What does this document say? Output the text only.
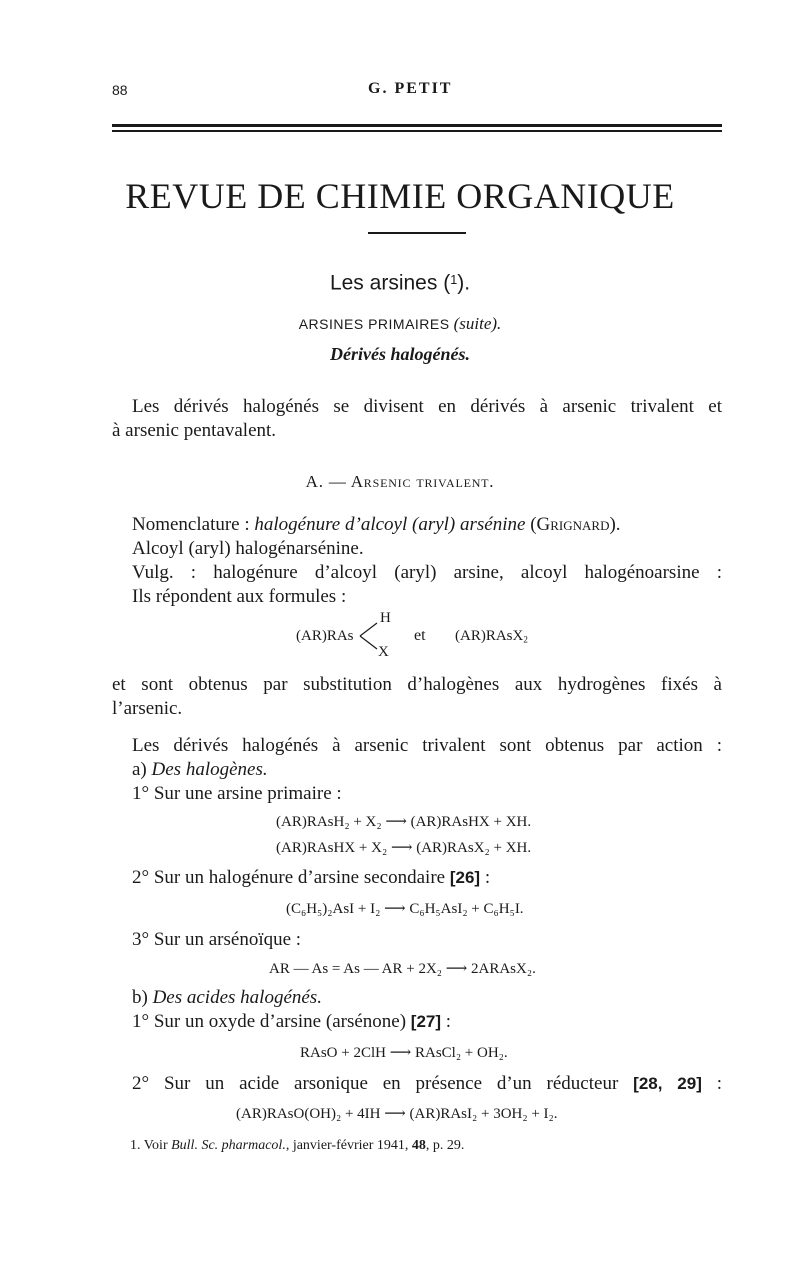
88	G. PETIT
REVUE DE CHIMIE ORGANIQUE
Les arsines ($^1$).
ARSINES PRIMAIRES (suite).
Dérivés halogénés.
Les dérivés halogénés se divisent en dérivés à arsenic trivalent et
à arsenic pentavalent.
A. — Arsenic trivalent.
Nomenclature : halogénure d’alcoyl (aryl) arsénine (Grignard).
Alcoyl (aryl) halogénarsénine.
Vulg. : halogénure d’alcoyl (aryl) arsine, alcoyl halogénoarsine :
Ils répondent aux formules :
(AR)RAs
H
X
et (AR)RAsX$_2$
et sont obtenus par substitution d’halogènes aux hydrogènes fixés à
l’arsenic.
Les dérivés halogénés à arsenic trivalent sont obtenus par action :
a) Des halogènes.
1° Sur une arsine primaire :
(AR)RAsH₂ + X₂ ⟶ (AR)RAsHX + XH.
(AR)RAsHX + X₂ ⟶ (AR)RAsX₂ + XH.
2° Sur un halogénure d’arsine secondaire [26] :
(C₆H₅)₂AsI + I₂ ⟶ C₆H₅AsI₂ + C₆H₅I.
3° Sur un arsénoïque :
AR — As = As — AR + 2X₂ ⟶ 2ARAsX₂.
b) Des acides halogénés.
1° Sur un oxyde d’arsine (arsénone) [27] :
RAsO + 2ClH ⟶ RAsCl₂ + OH₂.
2° Sur un acide arsonique en présence d’un réducteur [28, 29] :
(AR)RAsO(OH)₂ + 4IH ⟶ (AR)RAsI₂ + 3OH₂ + I₂.
1. Voir Bull. Sc. pharmacol., janvier-février 1941, 48, p. 29.
